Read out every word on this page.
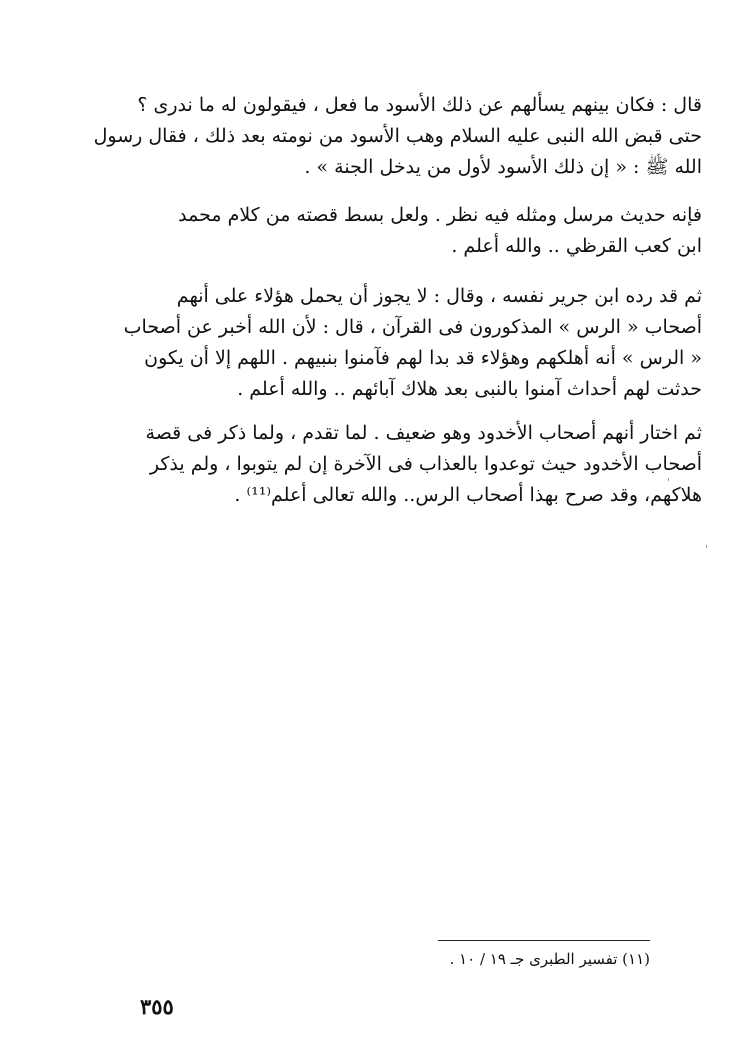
قال : فكان بينهم يسألهم عن ذلك الأسود ما فعل ، فيقولون له ما ندرى ؟
حتى قبض الله النبى عليه السلام وهب الأسود من نومته بعد ذلك ، فقال رسول
الله ﷺ : « إن ذلك الأسود لأول من يدخل الجنة » .
فإنه حديث مرسل ومثله فيه نظر . ولعل بسط قصته من كلام محمد
ابن كعب القرظي .. والله أعلم .
ثم قد رده ابن جرير نفسه ، وقال : لا يجوز أن يحمل هؤلاء على أنهم
أصحاب « الرس » المذكورون فى القرآن ، قال : لأن الله أخبر عن أصحاب
« الرس » أنه أهلكهم وهؤلاء قد بدا لهم فآمنوا بنبيهم . اللهم إلا أن يكون
حدثت لهم أحداث آمنوا بالنبى بعد هلاك آبائهم .. والله أعلم .
ثم اختار أنهم أصحاب الأخدود وهو ضعيف . لما تقدم ، ولما ذكر فى قصة
أصحاب الأخدود حيث توعدوا بالعذاب فى الآخرة إن لم يتوبوا ، ولم يذكر
هلاكهم، وقد صرح بهذا أصحاب الرس.. والله تعالى أعلم⁽¹¹⁾ .
(١١) تفسير الطبرى جـ ١٩ / ١٠ .
٣٥٥
